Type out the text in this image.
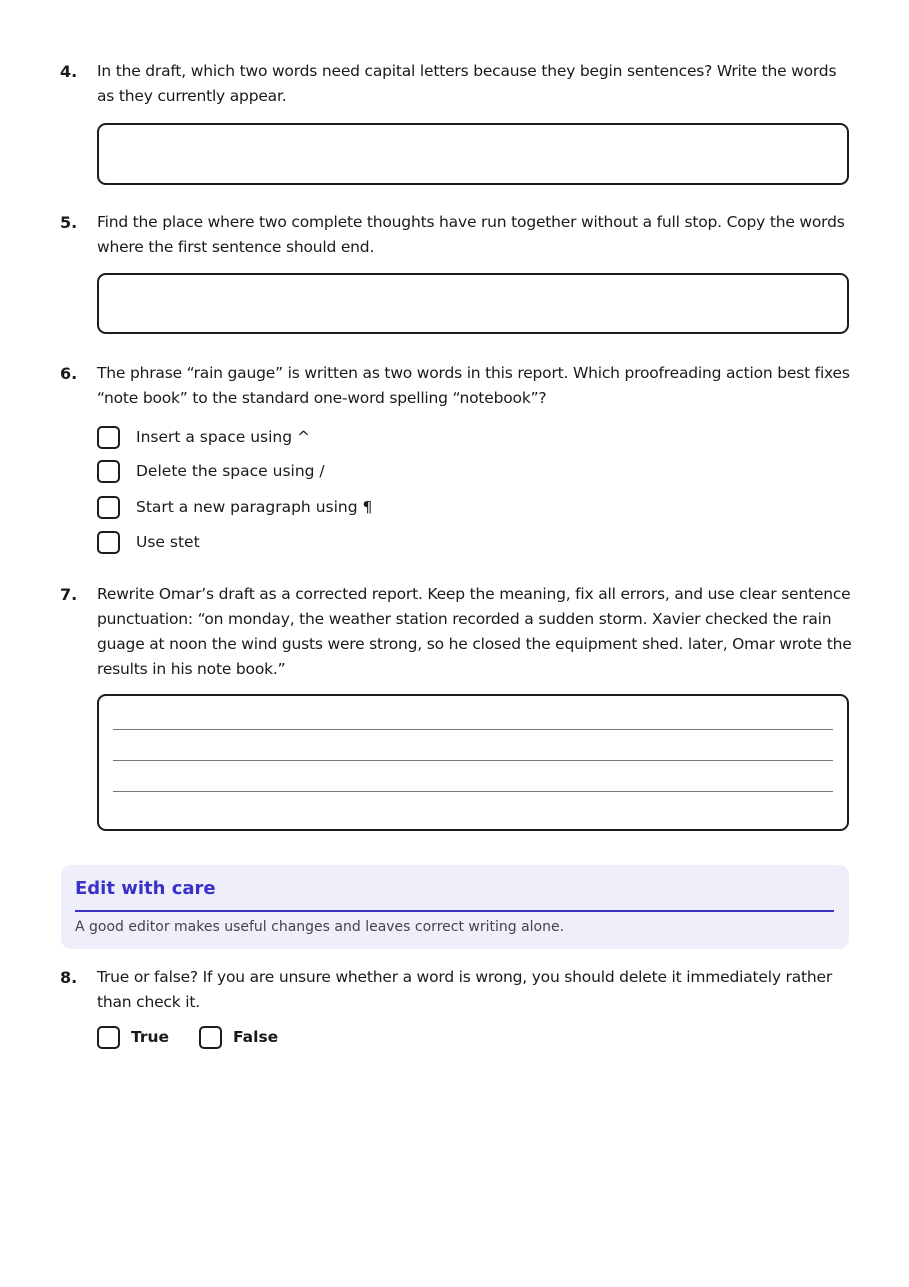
4. In the draft, which two words need capital letters because they begin sentences? Write the words as they currently appear.
5. Find the place where two complete thoughts have run together without a full stop. Copy the words where the first sentence should end.
6. The phrase “rain gauge” is written as two words in this report. Which proofreading action best fixes “note book” to the standard one-word spelling “notebook”?
Insert a space using ^
Delete the space using /
Start a new paragraph using ¶
Use stet
7. Rewrite Omar’s draft as a corrected report. Keep the meaning, fix all errors, and use clear sentence punctuation: “on monday, the weather station recorded a sudden storm. Xavier checked the rain guage at noon the wind gusts were strong, so he closed the equipment shed. later, Omar wrote the results in his note book.”
Edit with care
A good editor makes useful changes and leaves correct writing alone.
8. True or false? If you are unsure whether a word is wrong, you should delete it immediately rather than check it.
True	False
